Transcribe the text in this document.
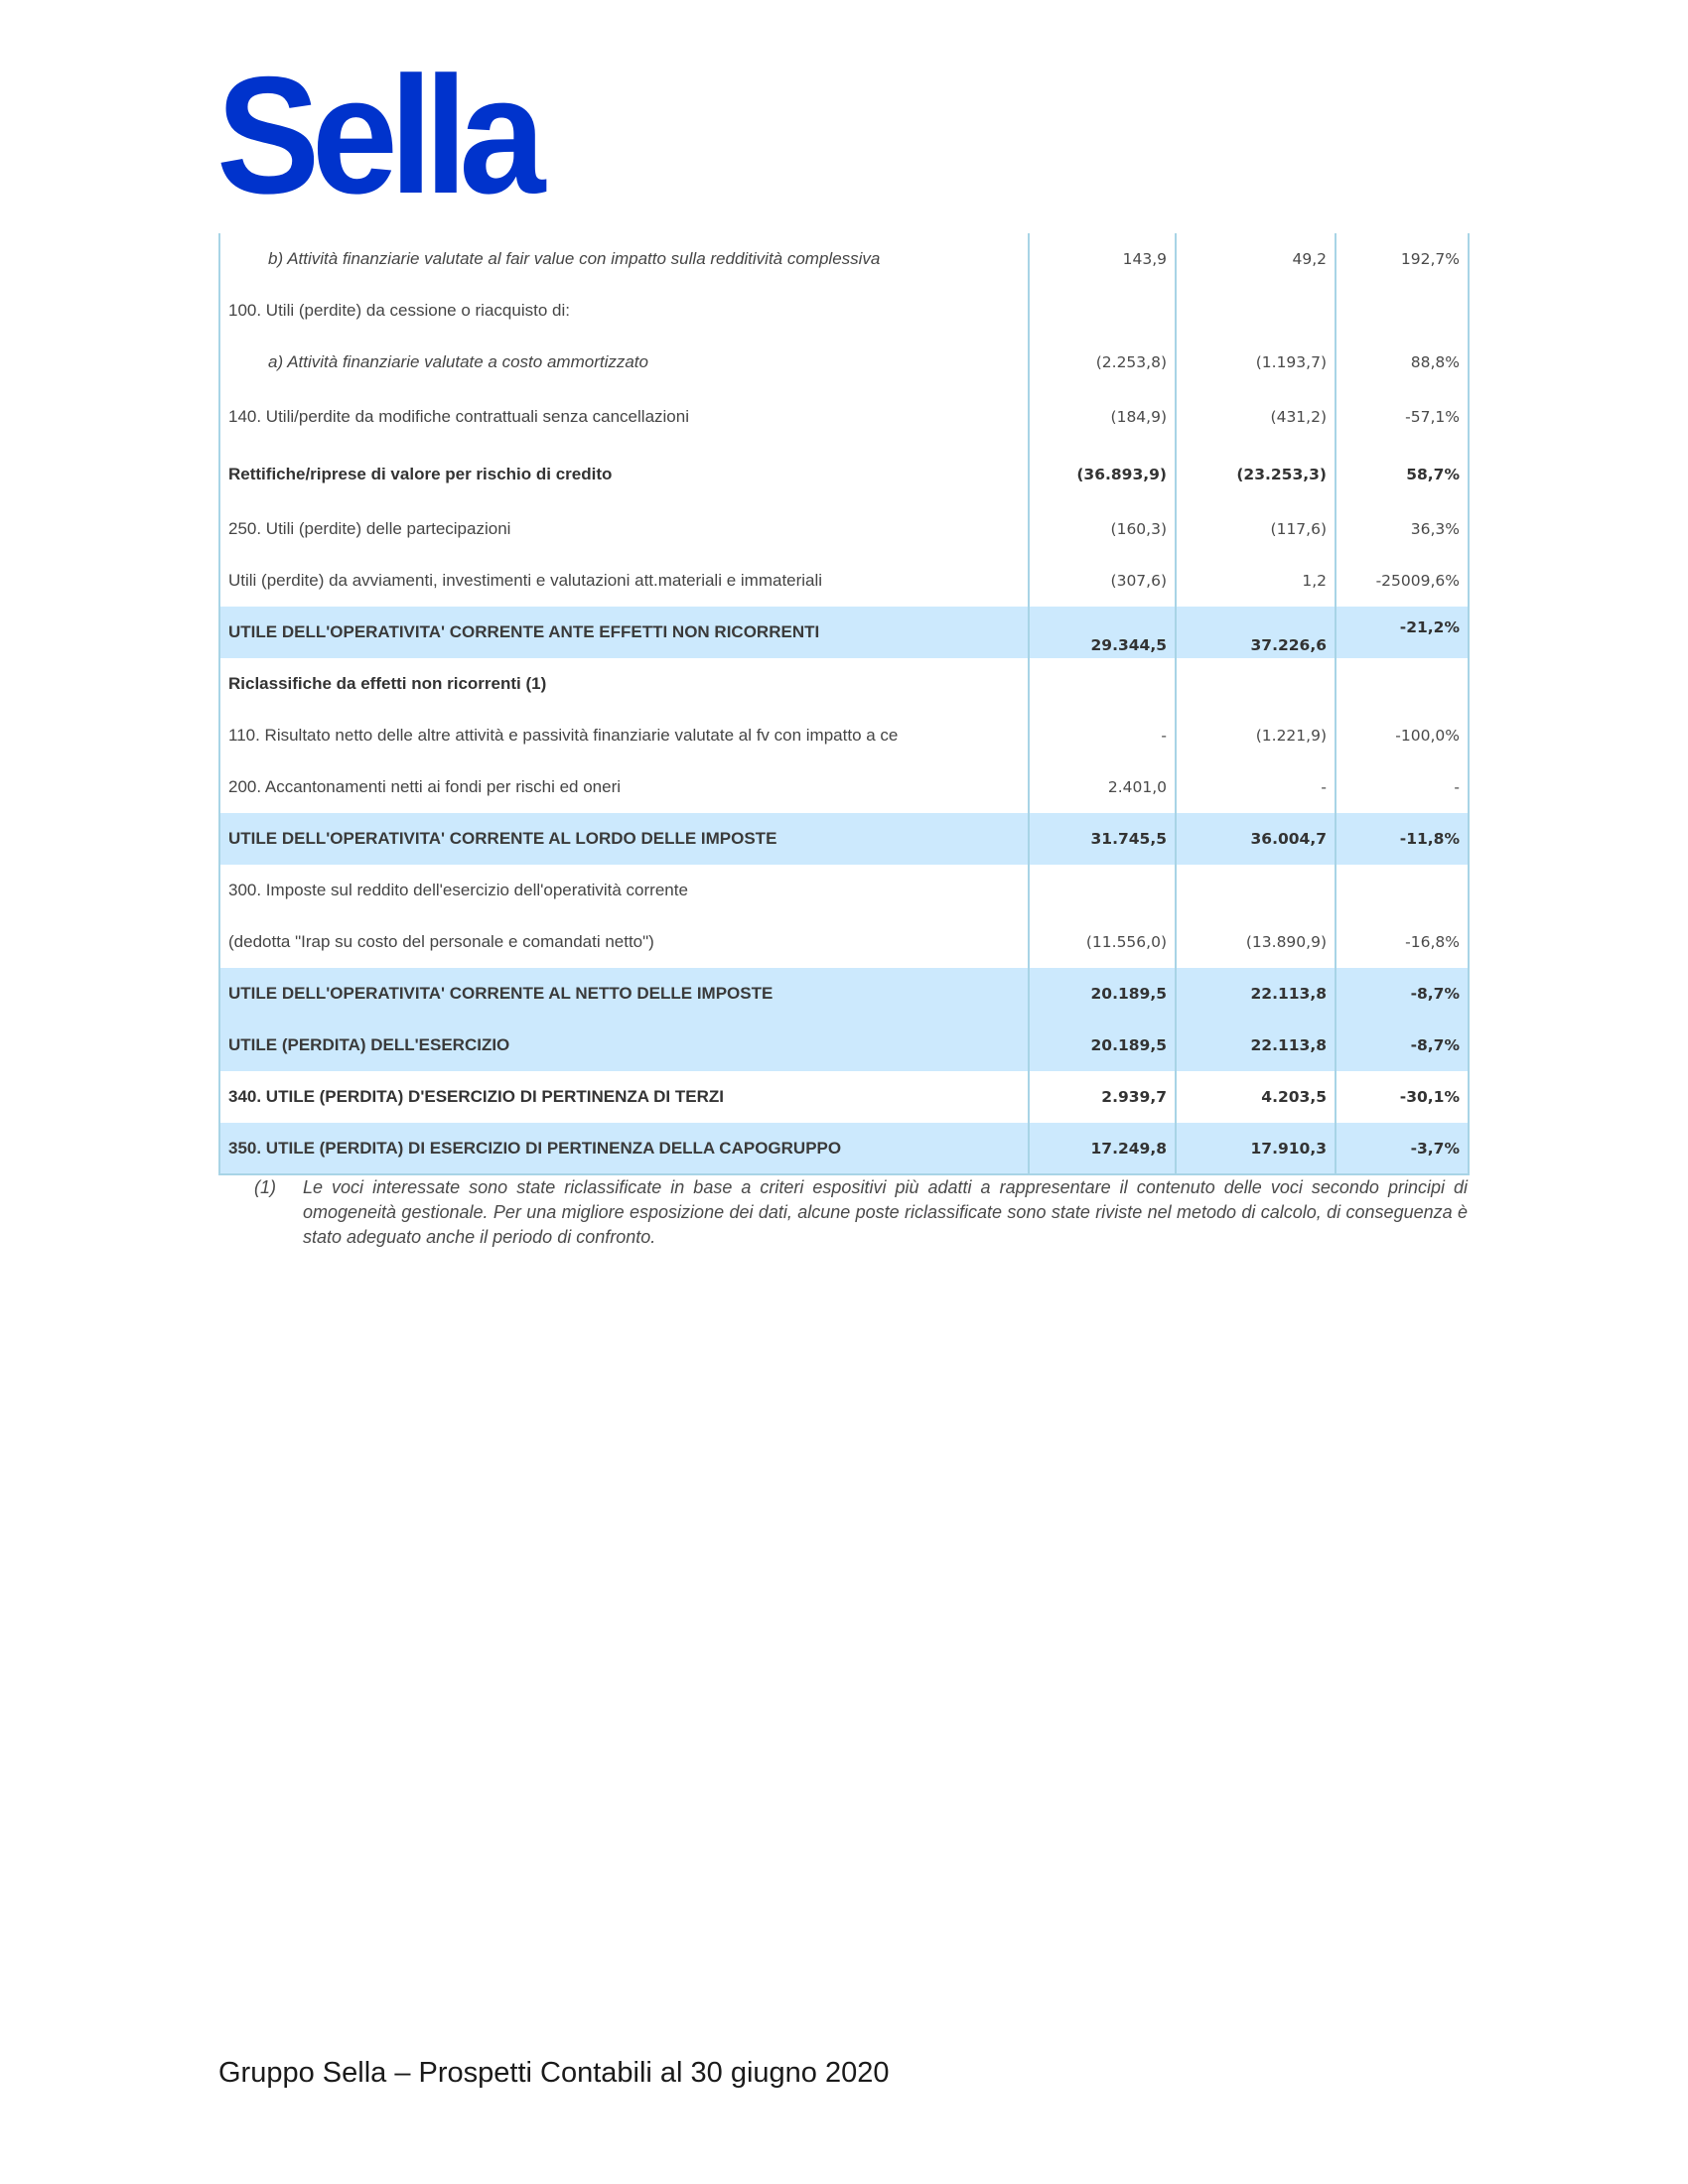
Sella
b) Attività finanziarie valutate al fair value con impatto sulla redditività complessiva	143,9	49,2	192,7%
100. Utili (perdite) da cessione o riacquisto di:			
a) Attività finanziarie valutate a costo ammortizzato	(2.253,8)	(1.193,7)	88,8%
140. Utili/perdite da modifiche contrattuali senza cancellazioni	(184,9)	(431,2)	-57,1%
Rettifiche/riprese di valore per rischio di credito	(36.893,9)	(23.253,3)	58,7%
250. Utili (perdite) delle partecipazioni	(160,3)	(117,6)	36,3%
Utili (perdite) da avviamenti, investimenti e valutazioni att.materiali e immateriali	(307,6)	1,2	-25009,6%
UTILE DELL'OPERATIVITA' CORRENTE ANTE EFFETTI NON RICORRENTI	29.344,5	37.226,6	-21,2%
Riclassifiche da effetti non ricorrenti (1)			
110. Risultato netto delle altre attività e passività finanziarie valutate al fv con impatto a ce	-	(1.221,9)	-100,0%
200. Accantonamenti netti ai fondi per rischi ed oneri	2.401,0	-	-
UTILE DELL'OPERATIVITA' CORRENTE AL LORDO DELLE IMPOSTE	31.745,5	36.004,7	-11,8%
300. Imposte sul reddito dell'esercizio dell'operatività corrente			
(dedotta "Irap su costo del personale e comandati netto")	(11.556,0)	(13.890,9)	-16,8%
UTILE DELL'OPERATIVITA' CORRENTE AL NETTO DELLE IMPOSTE	20.189,5	22.113,8	-8,7%
UTILE (PERDITA) DELL'ESERCIZIO	20.189,5	22.113,8	-8,7%
340. UTILE (PERDITA) D'ESERCIZIO DI PERTINENZA DI TERZI	2.939,7	4.203,5	-30,1%
350. UTILE (PERDITA) DI ESERCIZIO DI PERTINENZA DELLA CAPOGRUPPO	17.249,8	17.910,3	-3,7%
(1) Le voci interessate sono state riclassificate in base a criteri espositivi più adatti a rappresentare il contenuto delle voci secondo principi di omogeneità gestionale. Per una migliore esposizione dei dati, alcune poste riclassificate sono state riviste nel metodo di calcolo, di conseguenza è stato adeguato anche il periodo di confronto.
Gruppo Sella – Prospetti Contabili al 30 giugno 2020
